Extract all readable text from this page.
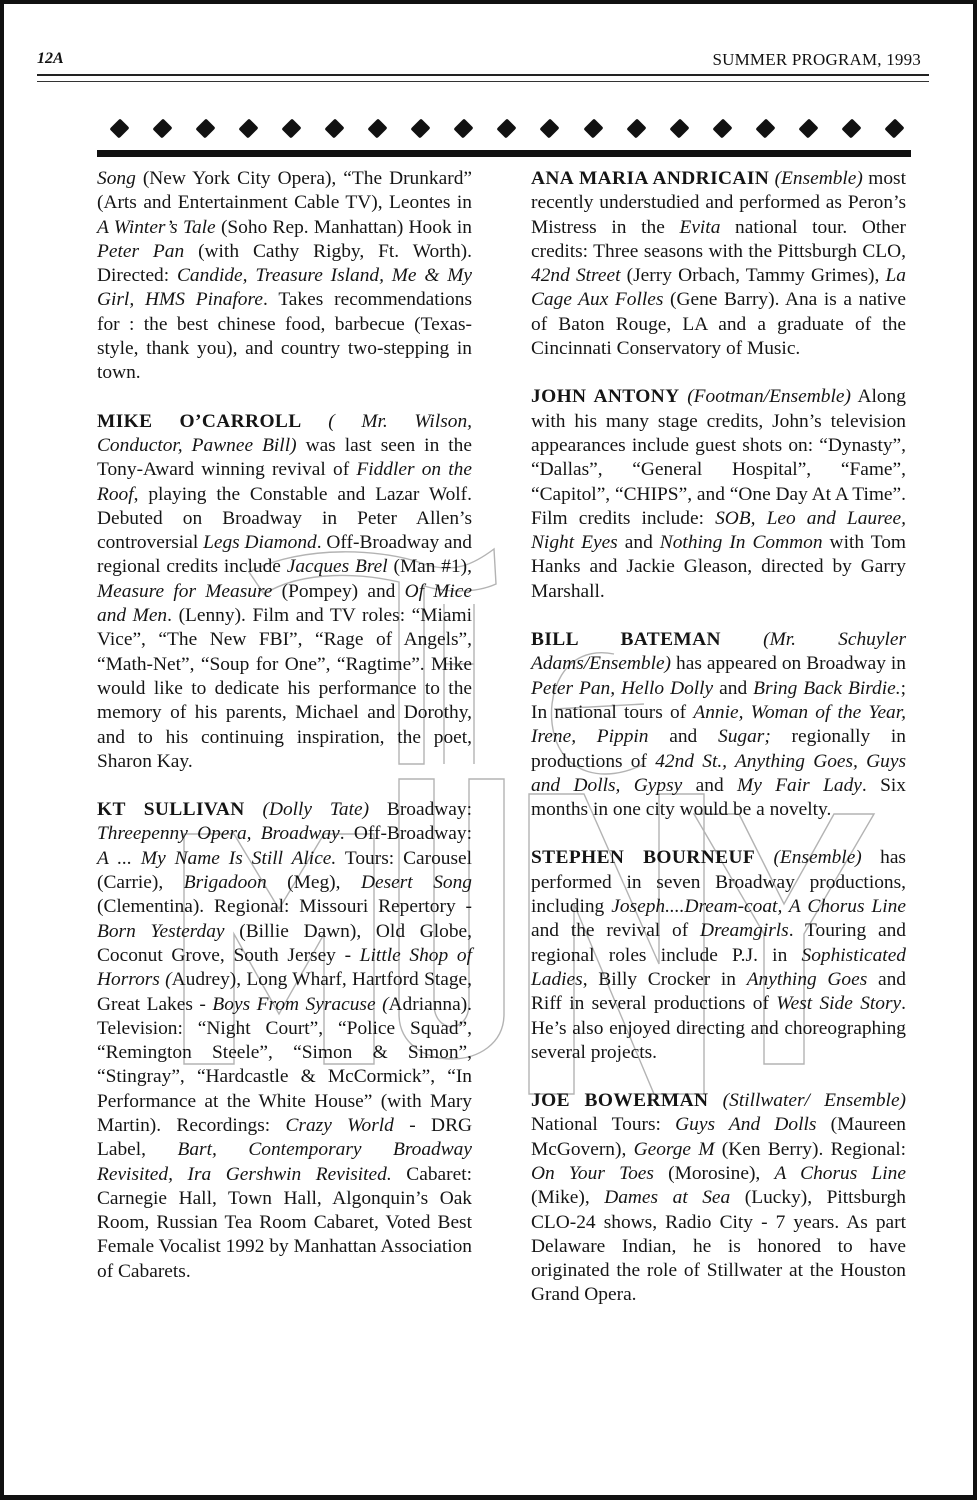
12A	SUMMER PROGRAM, 1993

Song (New York City Opera), “The Drunkard” (Arts and Entertainment Cable TV), Leontes in A Winter’s Tale (Soho Rep. Manhattan) Hook in Peter Pan (with Cathy Rigby, Ft. Worth). Directed: Candide, Treasure Island, Me & My Girl, HMS Pinafore. Takes recommendations for : the best chinese food, barbecue (Texas-style, thank you), and country two-stepping in town.

MIKE O’CARROLL ( Mr. Wilson, Conductor, Pawnee Bill) was last seen in the Tony-Award winning revival of Fiddler on the Roof, playing the Constable and Lazar Wolf. Debuted on Broadway in Peter Allen’s controversial Legs Diamond. Off-Broadway and regional credits include Jacques Brel (Man #1), Measure for Measure (Pompey) and Of Mice and Men. (Lenny). Film and TV roles: “Miami Vice”, “The New FBI”, “Rage of Angels”, “Math-Net”, “Soup for One”, “Ragtime”. Mike would like to dedicate his performance to the memory of his parents, Michael and Dorothy, and to his continuing inspiration, the poet, Sharon Kay.

KT SULLIVAN (Dolly Tate) Broadway: Threepenny Opera, Broadway. Off-Broadway: A ... My Name Is Still Alice. Tours: Carousel (Carrie), Brigadoon (Meg), Desert Song (Clementina). Regional: Missouri Repertory - Born Yesterday (Billie Dawn), Old Globe, Coconut Grove, South Jersey - Little Shop of Horrors (Audrey), Long Wharf, Hartford Stage, Great Lakes - Boys From Syracuse (Adrianna). Television: “Night Court”, “Police Squad”, “Remington Steele”, “Simon & Simon”, “Stingray”, “Hardcastle & McCormick”, “In Performance at the White House” (with Mary Martin). Recordings: Crazy World - DRG Label, Bart, Contemporary Broadway Revisited, Ira Gershwin Revisited. Cabaret: Carnegie Hall, Town Hall, Algonquin’s Oak Room, Russian Tea Room Cabaret, Voted Best Female Vocalist 1992 by Manhattan Association of Cabarets.

ANA MARIA ANDRICAIN (Ensemble) most recently understudied and performed as Peron’s Mistress in the Evita national tour. Other credits: Three seasons with the Pittsburgh CLO, 42nd Street (Jerry Orbach, Tammy Grimes), La Cage Aux Folles (Gene Barry). Ana is a native of Baton Rouge, LA and a graduate of the Cincinnati Conservatory of Music.

JOHN ANTONY (Footman/Ensemble) Along with his many stage credits, John’s television appearances include guest shots on: “Dynasty”, “Dallas”, “General Hospital”, “Fame”, “Capitol”, “CHIPS”, and “One Day At A Time”. Film credits include: SOB, Leo and Lauree, Night Eyes and Nothing In Common with Tom Hanks and Jackie Gleason, directed by Garry Marshall.

BILL BATEMAN (Mr. Schuyler Adams/Ensemble) has appeared on Broadway in Peter Pan, Hello Dolly and Bring Back Birdie.; In national tours of Annie, Woman of the Year, Irene, Pippin and Sugar; regionally in productions of 42nd St., Anything Goes, Guys and Dolls, Gypsy and My Fair Lady. Six months in one city would be a novelty.

STEPHEN BOURNEUF (Ensemble) has performed in seven Broadway productions, including Joseph....Dream-coat, A Chorus Line and the revival of Dreamgirls. Touring and regional roles include P.J. in Sophisticated Ladies, Billy Crocker in Anything Goes and Riff in several productions of West Side Story. He’s also enjoyed directing and choreographing several projects.

JOE BOWERMAN (Stillwater/ Ensemble) National Tours: Guys And Dolls (Maureen McGovern), George M (Ken Berry). Regional: On Your Toes (Morosine), A Chorus Line (Mike), Dames at Sea (Lucky), Pittsburgh CLO-24 shows, Radio City - 7 years. As part Delaware Indian, he is honored to have originated the role of Stillwater at the Houston Grand Opera.
